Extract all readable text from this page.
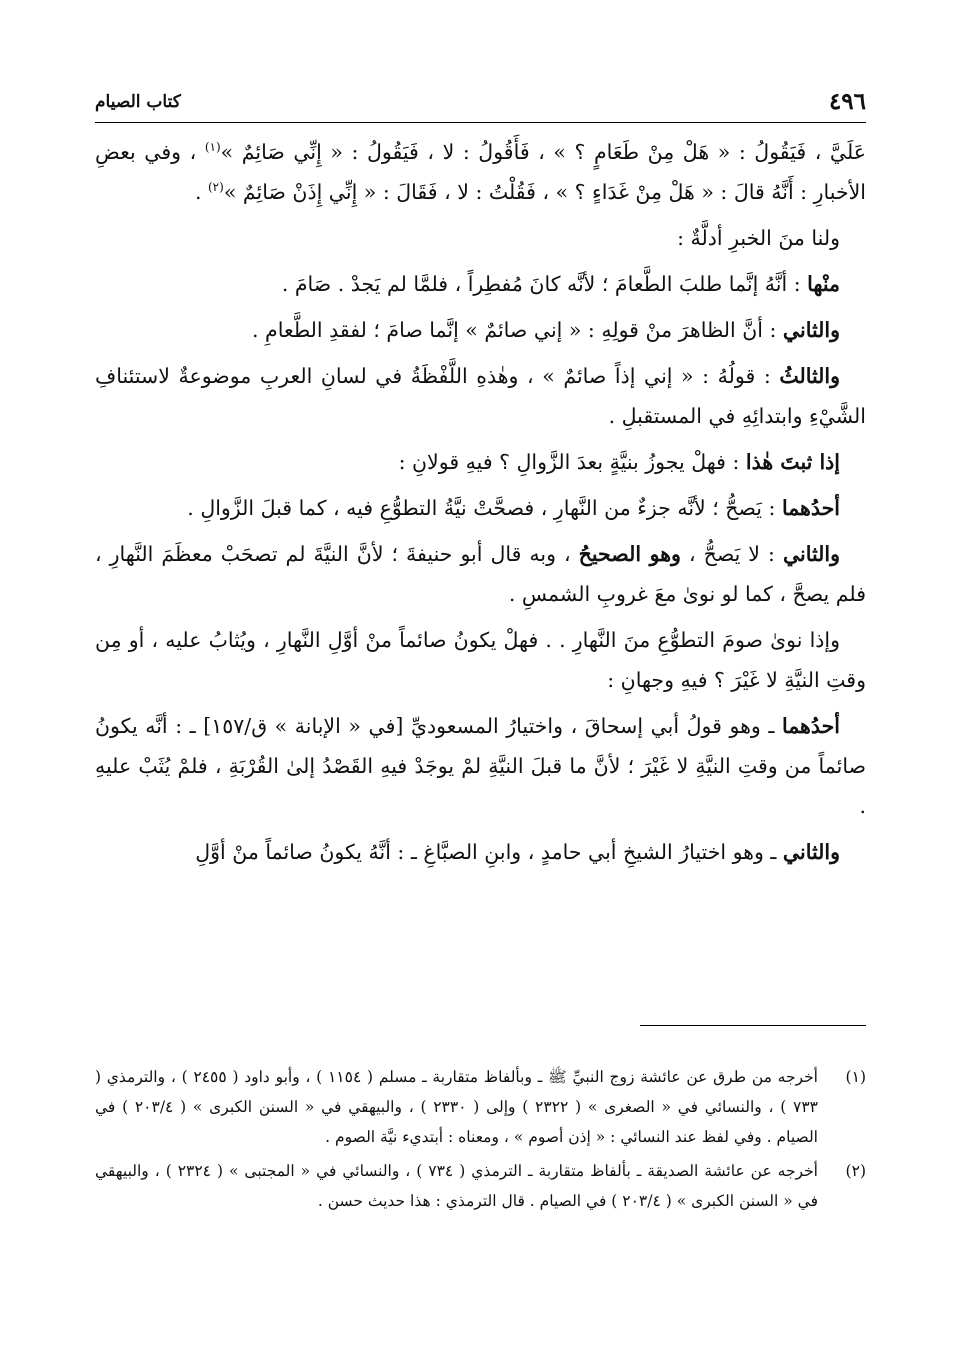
٤٩٦
كتاب الصيام

عَلَيَّ ، فَيَقُولُ : « هَلْ مِنْ طَعَامٍ ؟ » ، فَأَقُولُ : لا ، فَيَقُولُ : « إِنِّي صَائِمٌ »$^{(١)}$ ، وفي بعضِ الأخبارِ : أَنَّهُ قالَ : « هَلْ مِنْ غَدَاءٍ ؟ » ، فَقُلْتُ : لا ، فَقَالَ : « إِنِّي إِذَنْ صَائِمٌ »$^{(٢)}$ .

ولنا منَ الخبرِ أدلَّةٌ :

منْها : أنَّهُ إنَّما طلبَ الطَّعامَ ؛ لأنَّه كانَ مُفطِراً ، فلمَّا لم يَجدْ . صَامَ .

والثاني : أنَّ الظاهرَ منْ قولِهِ : « إني صائمٌ » إنَّما صامَ ؛ لفقدِ الطَّعامِ .

والثالثُ : قولُهُ : « إني إذاً صائمٌ » ، وهٰذهِ اللَّفْظَةُ في لسانِ العربِ موضوعةٌ لاستئنافِ الشَّيْءِ وابتدائِهِ في المستقبلِ .

إذا ثبتَ هٰذا : فهلْ يجوزُ بنيَّةٍ بعدَ الزَّوالِ ؟ فيهِ قولانِ :

أحدُهما : يَصحُّ ؛ لأنَّه جزءٌ من النَّهارِ ، فصحَّتْ نيَّةُ التطوُّعِ فيه ، كما قبلَ الزَّوالِ .

والثاني : لا يَصحُّ ، وهو الصحيحُ ، وبه قال أبو حنيفةَ ؛ لأنَّ النيَّةَ لم تصحَبْ معظَمَ النَّهارِ ، فلم يصحَّ ، كما لو نوىٰ معَ غروبِ الشمسِ .

وإذا نوىٰ صومَ التطوُّعِ منَ النَّهارِ . . فهلْ يكونُ صائماً منْ أوَّلِ النَّهارِ ، ويُثابُ عليه ، أو مِن وقتِ النيَّةِ لا غَيْرَ ؟ فيهِ وجهانِ :

أحدُهما ـ وهو قولُ أبي إسحاقَ ، واختيارُ المسعوديِّ [في « الإبانة » ق/١٥٧] ـ : أنَّه يكونُ صائماً من وقتِ النيَّةِ لا غَيْرَ ؛ لأنَّ ما قبلَ النيَّةِ لمْ يوجَدْ فيهِ القَصْدُ إلىٰ القُرْبَةِ ، فلمْ يُثَبْ عليهِ .

والثاني ـ وهو اختيارُ الشيخِ أبي حامدٍ ، وابنِ الصبَّاغِ ـ : أنَّهُ يكونُ صائماً منْ أوَّلِ

(١)
أخرجه من طرق عن عائشة زوج النبيِّ ﷺ ـ وبألفاظ متقاربة ـ مسلم ( ١١٥٤ ) ، وأبو داود ( ٢٤٥٥ ) ، والترمذي ( ٧٣٣ ) ، والنسائي في « الصغرى » ( ٢٣٢٢ ) وإلى ( ٢٣٣٠ ) ، والبيهقي في « السنن الكبرى » ( ٢٠٣/٤ ) في الصيام . وفي لفظ عند النسائي : « إذن أصوم » ، ومعناه : أبتديء نيَّة الصوم .
(٢)
أخرجه عن عائشة الصديقة ـ بألفاظ متقاربة ـ الترمذي ( ٧٣٤ ) ، والنسائي في « المجتبى » ( ٢٣٢٤ ) ، والبيهقي في « السنن الكبرى » ( ٢٠٣/٤ ) في الصيام . قال الترمذي : هذا حديث حسن .
